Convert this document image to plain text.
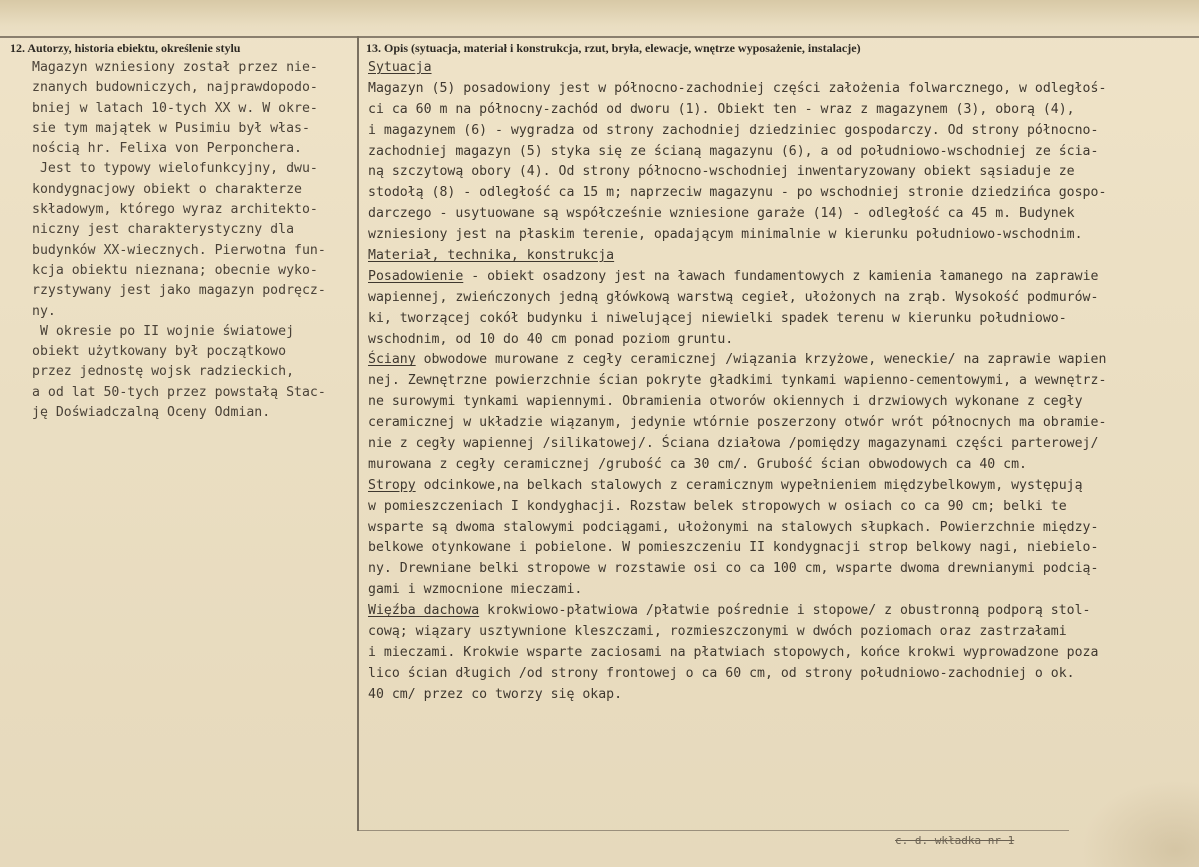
12. Autorzy, historia ebiektu, określenie stylu
Magazyn wzniesiony został przez nie-
znanych budowniczych, najprawdopodo-
bniej w latach 10-tych XX w. W okre-
sie tym majątek w Pusimiu był włas-
nością hr. Felixa von Perponchera.
Jest to typowy wielofunkcyjny, dwu-
kondygnacjowy obiekt o charakterze
składowym, którego wyraz architekto-
niczny jest charakterystyczny dla
budynków XX-wiecznych. Pierwotna fun-
kcja obiektu nieznana; obecnie wyko-
rzystywany jest jako magazyn podręcz-
ny.
W okresie po II wojnie światowej
obiekt użytkowany był początkowo
przez jednostę wojsk radzieckich,
a od lat 50-tych przez powstałą Stac-
ję Doświadczalną Oceny Odmian.
13. Opis (sytuacja, materiał i konstrukcja, rzut, bryła, elewacje, wnętrze wyposażenie, instalacje)
Sytuacja
Magazyn (5) posadowiony jest w północno-zachodniej części założenia folwarcznego, w odległoś-
ci ca 60 m na północny-zachód od dworu (1). Obiekt ten - wraz z magazynem (3), oborą (4),
i magazynem (6) - wygradza od strony zachodniej dziedziniec gospodarczy. Od strony północno-
zachodniej magazyn (5) styka się ze ścianą magazynu (6), a od południowo-wschodniej ze ścia-
ną szczytową obory (4). Od strony północno-wschodniej inwentaryzowany obiekt sąsiaduje ze
stodołą (8) - odległość ca 15 m; naprzeciw magazynu - po wschodniej stronie dziedzińca gospo-
darczego - usytuowane są współcześnie wzniesione garaże (14) - odległość ca 45 m. Budynek
wzniesiony jest na płaskim terenie, opadającym minimalnie w kierunku południowo-wschodnim.
Materiał, technika, konstrukcja
Posadowienie - obiekt osadzony jest na ławach fundamentowych z kamienia łamanego na zaprawie
wapiennej, zwieńczonych jedną główkową warstwą cegieł, ułożonych na zrąb. Wysokość podmurów-
ki, tworzącej cokół budynku i niwelującej niewielki spadek terenu w kierunku południowo-
wschodnim, od 10 do 40 cm ponad poziom gruntu.
Ściany obwodowe murowane z cegły ceramicznej /wiązania krzyżowe, weneckie/ na zaprawie wapien
nej. Zewnętrzne powierzchnie ścian pokryte gładkimi tynkami wapienno-cementowymi, a wewnętrz-
ne surowymi tynkami wapiennymi. Obramienia otworów okiennych i drzwiowych wykonane z cegły
ceramicznej w układzie wiązanym, jedynie wtórnie poszerzony otwór wrót północnych ma obramie-
nie z cegły wapiennej /silikatowej/. Ściana działowa /pomiędzy magazynami części parterowej/
murowana z cegły ceramicznej /grubość ca 30 cm/. Grubość ścian obwodowych ca 40 cm.
Stropy odcinkowe,na belkach stalowych z ceramicznym wypełnieniem międzybelkowym, występują
w pomieszczeniach I kondyghacji. Rozstaw belek stropowych w osiach co ca 90 cm; belki te
wsparte są dwoma stalowymi podciągami, ułożonymi na stalowych słupkach. Powierzchnie między-
belkowe otynkowane i pobielone. W pomieszczeniu II kondygnacji strop belkowy nagi, niebielo-
ny. Drewniane belki stropowe w rozstawie osi co ca 100 cm, wsparte dwoma drewnianymi podcią-
gami i wzmocnione mieczami.
Więźba dachowa krokwiowo-płatwiowa /płatwie pośrednie i stopowe/ z obustronną podporą stol-
cową; wiązary usztywnione kleszczami, rozmieszczonymi w dwóch poziomach oraz zastrzałami
i mieczami. Krokwie wsparte zaciosami na płatwiach stopowych, końce krokwi wyprowadzone poza
lico ścian długich /od strony frontowej o ca 60 cm, od strony południowo-zachodniej o ok.
40 cm/ przez co tworzy się okap.
c. d. wkładka nr 1
